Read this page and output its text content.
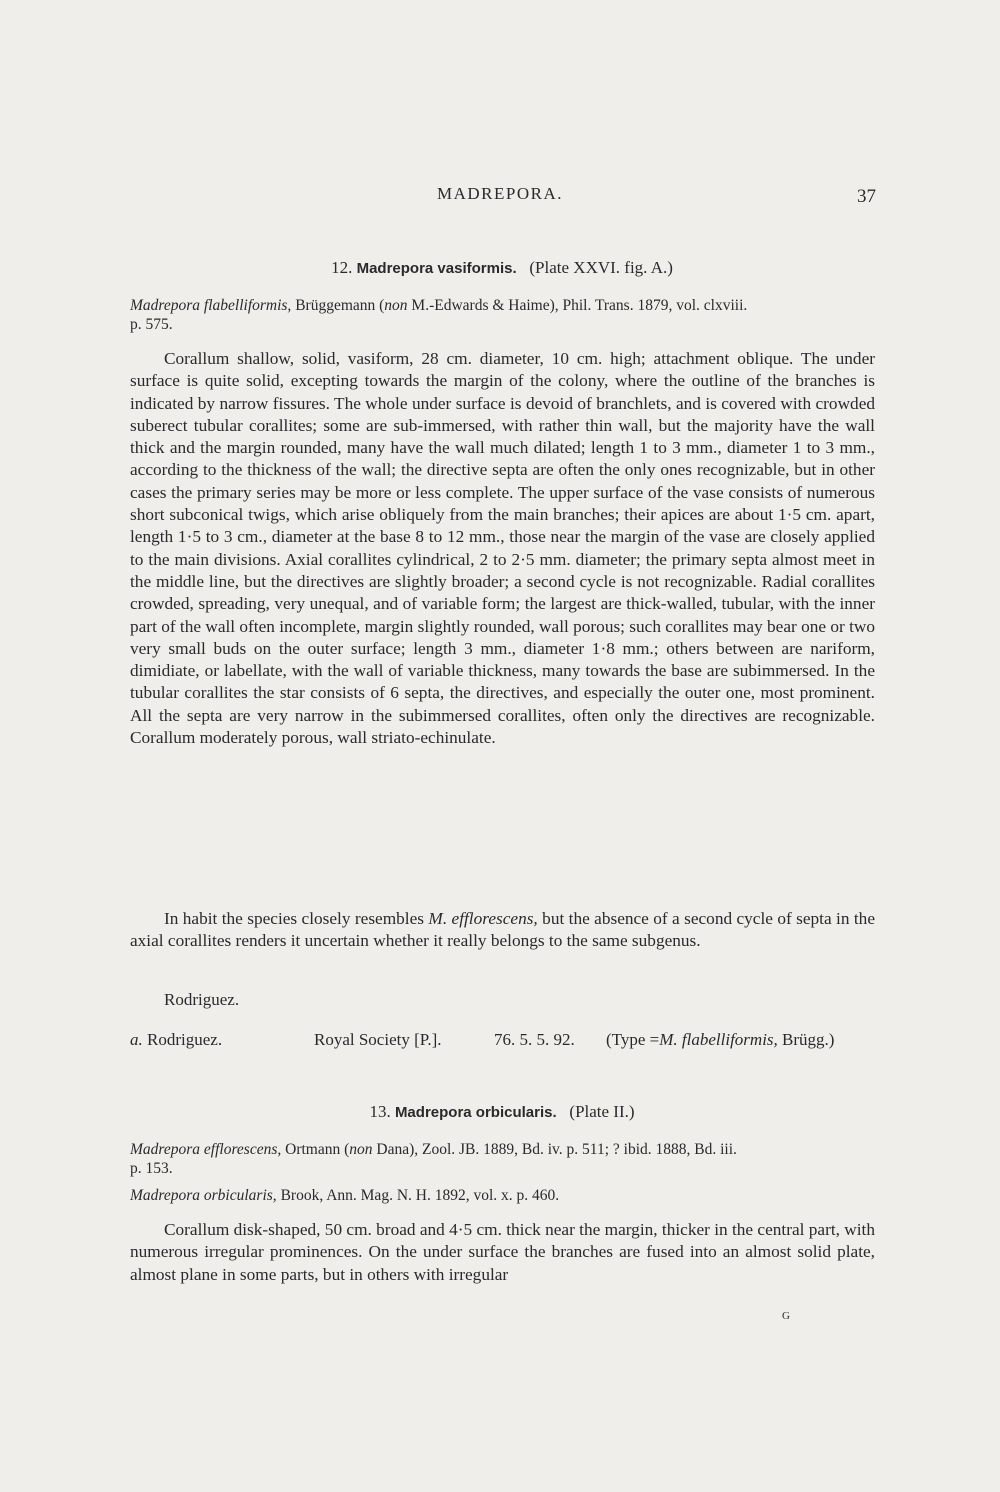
MADREPORA.	37
12. Madrepora vasiformis. (Plate XXVI. fig. A.)
Madrepora flabelliformis, Brüggemann (non M.-Edwards & Haime), Phil. Trans. 1879, vol. clxviii.
p. 575.

Corallum shallow, solid, vasiform, 28 cm. diameter, 10 cm. high; attachment oblique. The under surface is quite solid, excepting towards the margin of the colony, where the outline of the branches is indicated by narrow fissures. The whole under surface is devoid of branchlets, and is covered with crowded suberect tubular corallites; some are sub-immersed, with rather thin wall, but the majority have the wall thick and the margin rounded, many have the wall much dilated; length 1 to 3 mm., diameter 1 to 3 mm., according to the thickness of the wall; the directive septa are often the only ones recognizable, but in other cases the primary series may be more or less complete. The upper surface of the vase consists of numerous short subconical twigs, which arise obliquely from the main branches; their apices are about 1·5 cm. apart, length 1·5 to 3 cm., diameter at the base 8 to 12 mm., those near the margin of the vase are closely applied to the main divisions. Axial corallites cylindrical, 2 to 2·5 mm. diameter; the primary septa almost meet in the middle line, but the directives are slightly broader; a second cycle is not recognizable. Radial corallites crowded, spreading, very unequal, and of variable form; the largest are thick-walled, tubular, with the inner part of the wall often incomplete, margin slightly rounded, wall porous; such corallites may bear one or two very small buds on the outer surface; length 3 mm., diameter 1·8 mm.; others between are nariform, dimidiate, or labellate, with the wall of variable thickness, many towards the base are subimmersed. In the tubular corallites the star consists of 6 septa, the directives, and especially the outer one, most prominent. All the septa are very narrow in the subimmersed corallites, often only the directives are recognizable. Corallum moderately porous, wall striato-echinulate.

In habit the species closely resembles M. efflorescens, but the absence of a second cycle of septa in the axial corallites renders it uncertain whether it really belongs to the same subgenus.

Rodriguez.
a. Rodriguez.	Royal Society [P.].	76. 5. 5. 92. (Type =M. flabelliformis, Brügg.)
13. Madrepora orbicularis. (Plate II.)
Madrepora efflorescens, Ortmann (non Dana), Zool. JB. 1889, Bd. iv. p. 511; ? ibid. 1888, Bd. iii.
p. 153.
Madrepora orbicularis, Brook, Ann. Mag. N. H. 1892, vol. x. p. 460.

Corallum disk-shaped, 50 cm. broad and 4·5 cm. thick near the margin, thicker in the central part, with numerous irregular prominences. On the under surface the branches are fused into an almost solid plate, almost plane in some parts, but in others with irregular

G
